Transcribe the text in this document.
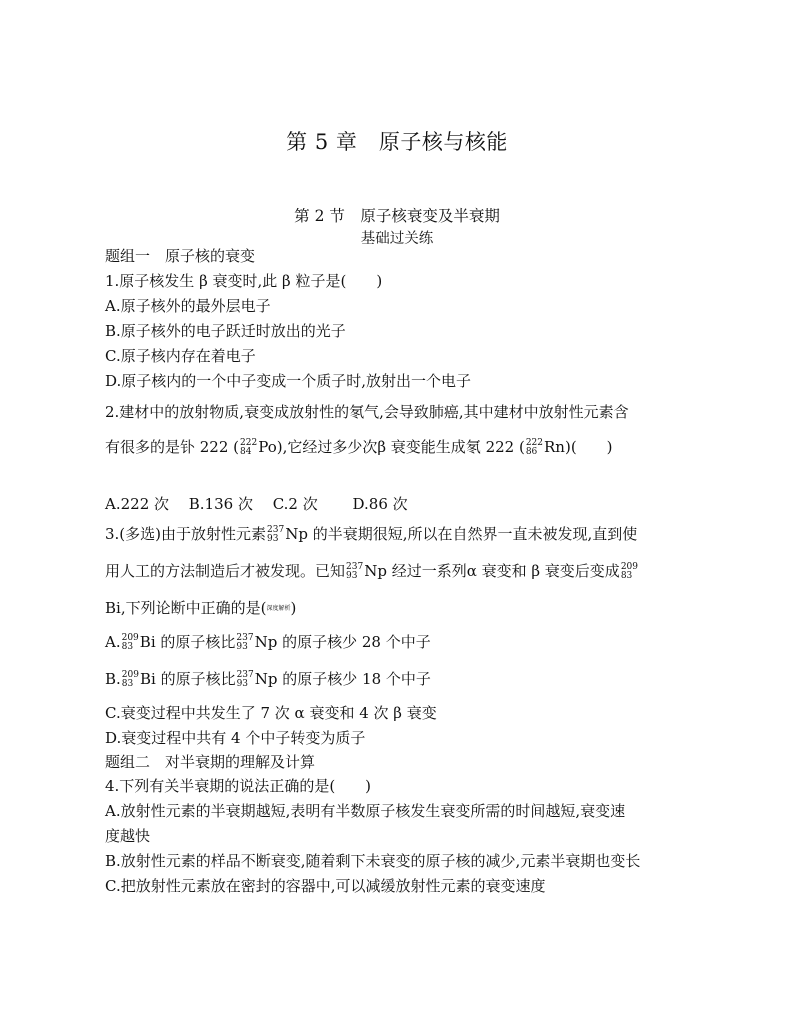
第 5 章　原子核与核能
第 2 节　原子核衰变及半衰期
基础过关练
题组一　原子核的衰变
1.原子核发生 β 衰变时,此 β 粒子是(　　)
A.原子核外的最外层电子
B.原子核外的电子跃迁时放出的光子
C.原子核内存在着电子
D.原子核内的一个中子变成一个质子时,放射出一个电子
2.建材中的放射物质,衰变成放射性的氡气,会导致肺癌,其中建材中放射性元素含
有很多的是钋 222 ( 222
84 Po),它经过多少次β 衰变能生成氡 222 ( 222
86 Rn)(　　)
A.222 次　 B.136 次　 C.2 次　　 D.86 次
3.(多选)由于放射性元素 237
93 Np 的半衰期很短,所以在自然界一直未被发现,直到使
用人工的方法制造后才被发现。已知 237
93 Np 经过一系列α 衰变和 β 衰变后变成 209
83
Bi,下列论断中正确的是(深度解析)
A. 209
83 Bi 的原子核比 237
93 Np 的原子核少 28 个中子
B. 209
83 Bi 的原子核比 237
93 Np 的原子核少 18 个中子
C.衰变过程中共发生了 7 次 α 衰变和 4 次 β 衰变
D.衰变过程中共有 4 个中子转变为质子
题组二　对半衰期的理解及计算
4.下列有关半衰期的说法正确的是(　　)
A.放射性元素的半衰期越短,表明有半数原子核发生衰变所需的时间越短,衰变速
度越快
B.放射性元素的样品不断衰变,随着剩下未衰变的原子核的减少,元素半衰期也变长
C.把放射性元素放在密封的容器中,可以减缓放射性元素的衰变速度
